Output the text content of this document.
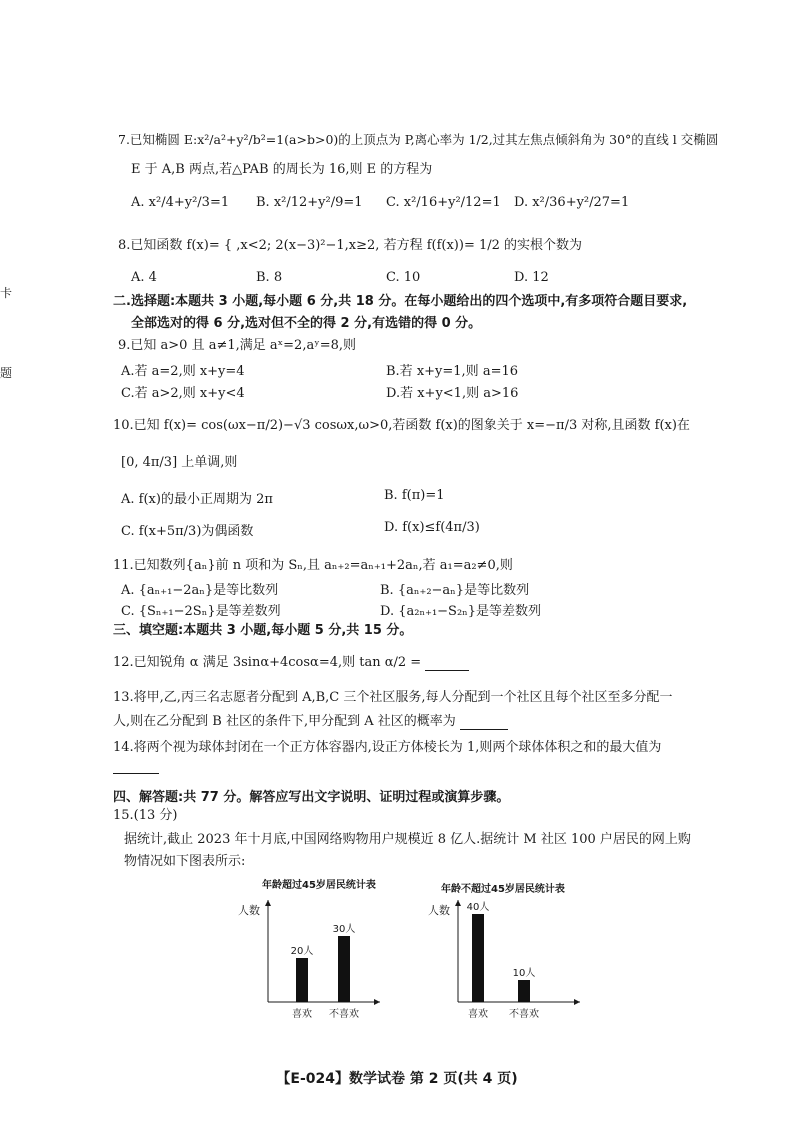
卡
题
7.已知椭圆 E:x²/a²+y²/b²=1(a>b>0)的上顶点为 P,离心率为 1/2,过其左焦点倾斜角为 30°的直线 l 交椭圆
E 于 A,B 两点,若△PAB 的周长为 16,则 E 的方程为
A. x²/4+y²/3=1 B. x²/12+y²/9=1 C. x²/16+y²/12=1 D. x²/36+y²/27=1
8.已知函数 f(x)= { ,x<2; 2(x−3)²−1,x≥2, 若方程 f(f(x))= 1/2 的实根个数为
A. 4	B. 8	C. 10	D. 12
二.选择题:本题共 3 小题,每小题 6 分,共 18 分。在每小题给出的四个选项中,有多项符合题目要求,
全部选对的得 6 分,选对但不全的得 2 分,有选错的得 0 分。
9.已知 a>0 且 a≠1,满足 aˣ=2,aʸ=8,则
A.若 a=2,则 x+y=4	B.若 x+y=1,则 a=16
C.若 a>2,则 x+y<4	D.若 x+y<1,则 a>16
10.已知 f(x)= cos(ωx−π/2)−√3 cosωx,ω>0,若函数 f(x)的图象关于 x=−π/3 对称,且函数 f(x)在
[0, 4π/3] 上单调,则
A. f(x)的最小正周期为 2π	B. f(π)=1
C. f(x+5π/3)为偶函数	D. f(x)≤f(4π/3)
11.已知数列{aₙ}前 n 项和为 Sₙ,且 aₙ₊₂=aₙ₊₁+2aₙ,若 a₁=a₂≠0,则
A. {aₙ₊₁−2aₙ}是等比数列	B. {aₙ₊₂−aₙ}是等比数列
C. {Sₙ₊₁−2Sₙ}是等差数列	D. {a₂ₙ₊₁−S₂ₙ}是等差数列
三、填空题:本题共 3 小题,每小题 5 分,共 15 分。
12.已知锐角 α 满足 3sinα+4cosα=4,则 tan α/2 =
13.将甲,乙,丙三名志愿者分配到 A,B,C 三个社区服务,每人分配到一个社区且每个社区至多分配一
人,则在乙分配到 B 社区的条件下,甲分配到 A 社区的概率为
14.将两个视为球体封闭在一个正方体容器内,设正方体棱长为 1,则两个球体体积之和的最大值为
四、解答题:共 77 分。解答应写出文字说明、证明过程或演算步骤。
15.(13 分)
据统计,截止 2023 年十月底,中国网络购物用户规模近 8 亿人.据统计 M 社区 100 户居民的网上购
物情况如下图表所示:
年龄超过45岁居民统计表	年龄不超过45岁居民统计表
人数
20人
喜欢
30人
不喜欢
人数 40人
喜欢
10人
不喜欢
【E-024】数学试卷 第 2 页(共 4 页)
